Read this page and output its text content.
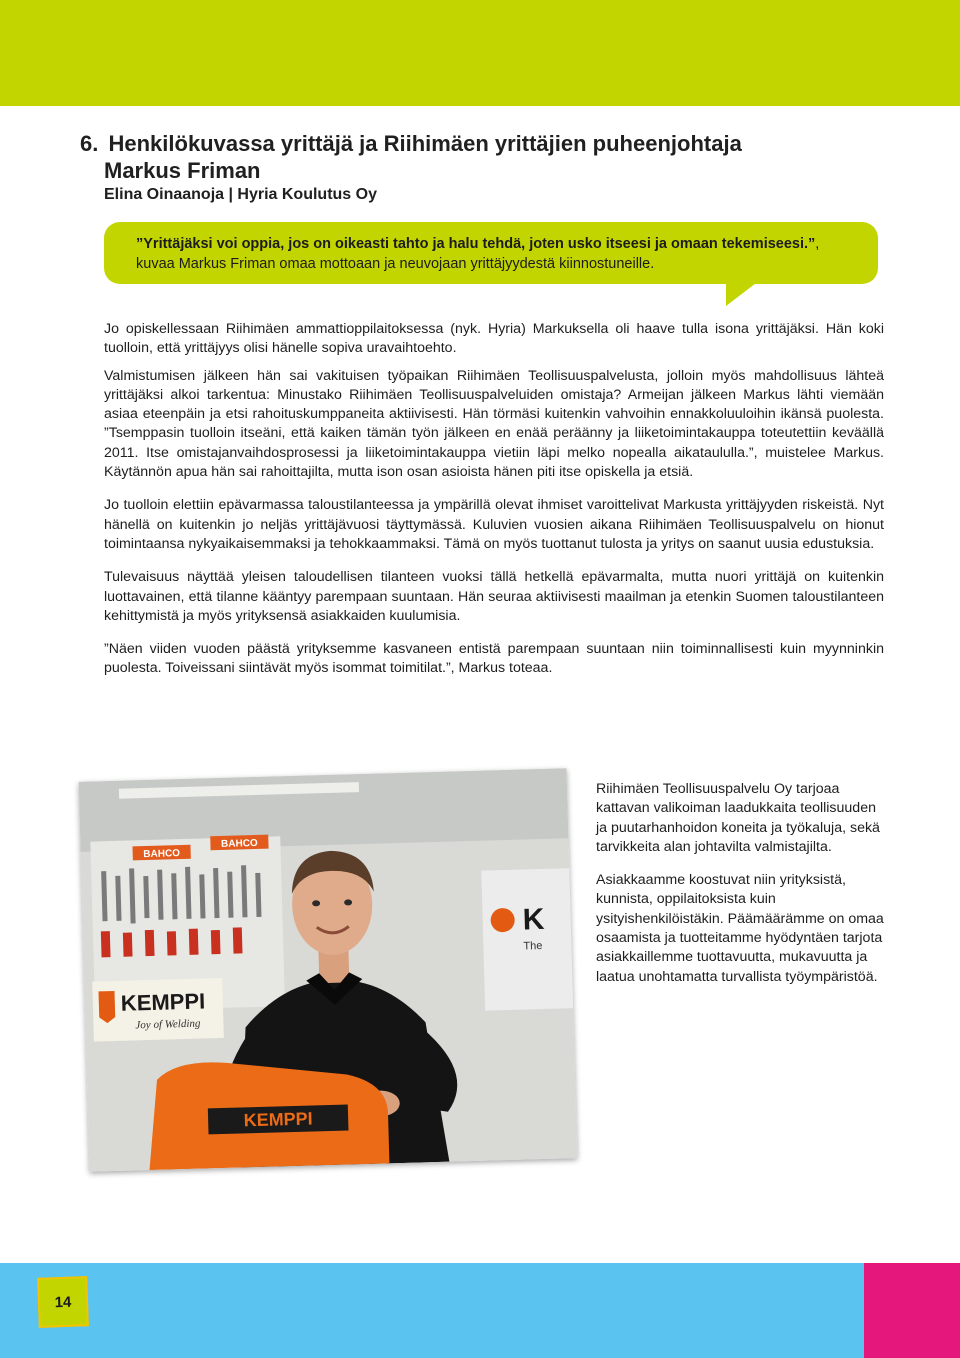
6. Henkilökuvassa yrittäjä ja Riihimäen yrittäjien puheenjohtaja
Markus Friman
Elina Oinaanoja | Hyria Koulutus Oy
”Yrittäjäksi voi oppia, jos on oikeasti tahto ja halu tehdä, joten usko itseesi ja omaan tekemiseesi.”,
kuvaa Markus Friman omaa mottoaan ja neuvojaan yrittäjyydestä kiinnostuneille.

Jo opiskellessaan Riihimäen ammattioppilaitoksessa (nyk. Hyria) Markuksella oli haave tulla isona yrittäjäksi. Hän koki tuolloin, että yrittäjyys olisi hänelle sopiva uravaihtoehto.

Valmistumisen jälkeen hän sai vakituisen työpaikan Riihimäen Teollisuuspalvelusta, jolloin myös mahdollisuus lähteä yrittäjäksi alkoi tarkentua: Minustako Riihimäen Teollisuuspalveluiden omistaja? Armeijan jälkeen Markus lähti viemään asiaa eteenpäin ja etsi rahoituskumppaneita aktiivisesti. Hän törmäsi kuitenkin vahvoihin ennakkoluuloihin ikänsä puolesta. ”Tsemppasin tuolloin itseäni, että kaiken tämän työn jälkeen en enää peräänny ja liiketoimintakauppa toteutettiin keväällä 2011. Itse omistajanvaihdosprosessi ja liiketoimintakauppa vietiin läpi melko nopealla aikataululla.”, muistelee Markus. Käytännön apua hän sai rahoittajilta, mutta ison osan asioista hänen piti itse opiskella ja etsiä.

Jo tuolloin elettiin epävarmassa taloustilanteessa ja ympärillä olevat ihmiset varoittelivat Markusta yrittäjyyden riskeistä. Nyt hänellä on kuitenkin jo neljäs yrittäjävuosi täyttymässä. Kuluvien vuosien aikana Riihimäen Teollisuuspalvelu on hionut toimintaansa nykyaikaisemmaksi ja tehokkaammaksi. Tämä on myös tuottanut tulosta ja yritys on saanut uusia edustuksia.

Tulevaisuus näyttää yleisen taloudellisen tilanteen vuoksi tällä hetkellä epävarmalta, mutta nuori yrittäjä on kuitenkin luottavainen, että tilanne kääntyy parempaan suuntaan. Hän seuraa aktiivisesti maailman ja etenkin Suomen taloustilanteen kehittymistä ja myös yrityksensä asiakkaiden kuulumisia.

”Näen viiden vuoden päästä yrityksemme kasvaneen entistä parempaan suuntaan niin toiminnallisesti kuin myynninkin puolesta. Toiveissani siintävät myös isommat toimitilat.”, Markus toteaa.

BAHCO
BAHCO
KEMPPI
Joy of Welding
K
The
KEMPPI

Riihimäen Teollisuuspalvelu Oy tarjoaa kattavan valikoiman laadukkaita teollisuuden ja puutarhanhoidon koneita ja työkaluja, sekä tarvikkeita alan johtavilta valmistajilta.

Asiakkaamme koostuvat niin yrityksistä, kunnista, oppilaitoksista kuin ysityishenkilöistäkin. Päämäärämme on omaa osaamista ja tuotteitamme hyödyntäen tarjota asiakkaillemme tuottavuutta, mukavuutta ja laatua unohtamatta turvallista työympäristöä.

14
